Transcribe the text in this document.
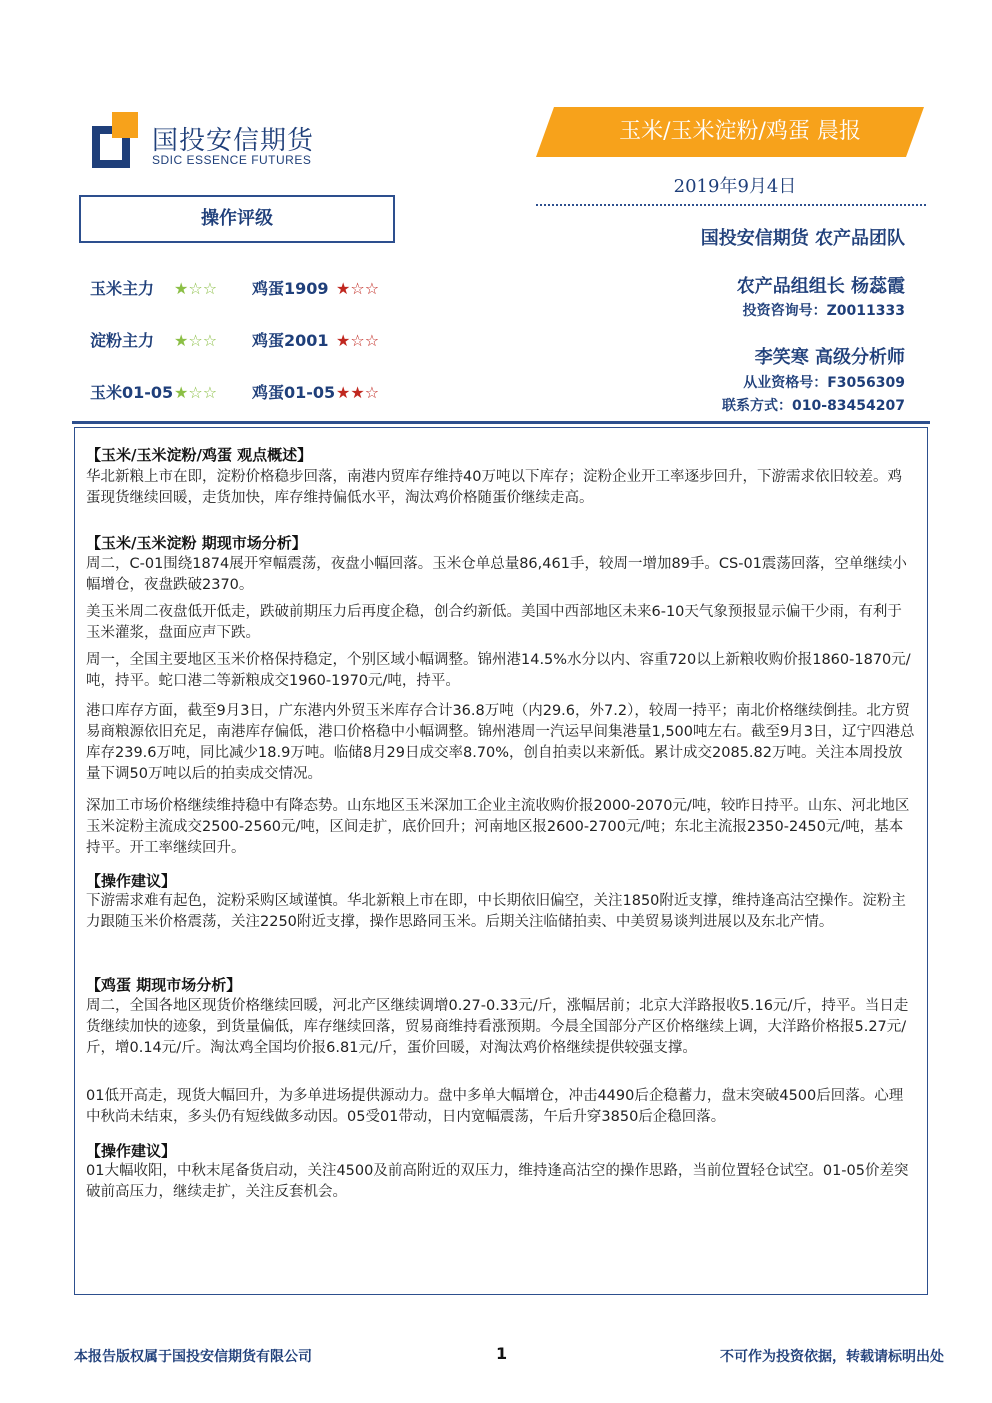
国投安信期货
SDIC ESSENCE FUTURES
玉米/玉米淀粉/鸡蛋 晨报
2019年9月4日
操作评级
玉米主力 ★☆☆ 鸡蛋1909 ★☆☆
淀粉主力 ★☆☆ 鸡蛋2001 ★☆☆
玉米01-05★☆☆ 鸡蛋01-05★★☆
国投安信期货 农产品团队
农产品组组长 杨蕊霞
投资咨询号：Z0011333
李笑寒 高级分析师
从业资格号：F3056309
联系方式：010-83454207
【玉米/玉米淀粉/鸡蛋 观点概述】
华北新粮上市在即，淀粉价格稳步回落，南港内贸库存维持40万吨以下库存；淀粉企业开工率逐步回升，下游需求依旧较差。鸡蛋现货继续回暖，走货加快，库存维持偏低水平，淘汰鸡价格随蛋价继续走高。
【玉米/玉米淀粉 期现市场分析】
周二，C-01围绕1874展开窄幅震荡，夜盘小幅回落。玉米仓单总量86,461手，较周一增加89手。CS-01震荡回落，空单继续小幅增仓，夜盘跌破2370。
美玉米周二夜盘低开低走，跌破前期压力后再度企稳，创合约新低。美国中西部地区未来6-10天气象预报显示偏干少雨，有利于玉米灌浆，盘面应声下跌。
周一，全国主要地区玉米价格保持稳定，个别区域小幅调整。锦州港14.5%水分以内、容重720以上新粮收购价报1860-1870元/吨，持平。蛇口港二等新粮成交1960-1970元/吨，持平。
港口库存方面，截至9月3日，广东港内外贸玉米库存合计36.8万吨（内29.6，外7.2），较周一持平；南北价格继续倒挂。北方贸易商粮源依旧充足，南港库存偏低，港口价格稳中小幅调整。锦州港周一汽运早间集港量1,500吨左右。截至9月3日，辽宁四港总库存239.6万吨，同比减少18.9万吨。临储8月29日成交率8.70%，创自拍卖以来新低。累计成交2085.82万吨。关注本周投放量下调50万吨以后的拍卖成交情况。
深加工市场价格继续维持稳中有降态势。山东地区玉米深加工企业主流收购价报2000-2070元/吨，较昨日持平。山东、河北地区玉米淀粉主流成交2500-2560元/吨，区间走扩，底价回升；河南地区报2600-2700元/吨；东北主流报2350-2450元/吨，基本持平。开工率继续回升。
【操作建议】
下游需求难有起色，淀粉采购区域谨慎。华北新粮上市在即，中长期依旧偏空，关注1850附近支撑，维持逢高沽空操作。淀粉主力跟随玉米价格震荡，关注2250附近支撑，操作思路同玉米。后期关注临储拍卖、中美贸易谈判进展以及东北产情。
【鸡蛋 期现市场分析】
周二，全国各地区现货价格继续回暖，河北产区继续调增0.27-0.33元/斤，涨幅居前；北京大洋路报收5.16元/斤，持平。当日走货继续加快的迹象，到货量偏低，库存继续回落，贸易商维持看涨预期。今晨全国部分产区价格继续上调，大洋路价格报5.27元/斤，增0.14元/斤。淘汰鸡全国均价报6.81元/斤，蛋价回暖，对淘汰鸡价格继续提供较强支撑。
01低开高走，现货大幅回升，为多单进场提供源动力。盘中多单大幅增仓，冲击4490后企稳蓄力，盘末突破4500后回落。心理中秋尚未结束，多头仍有短线做多动因。05受01带动，日内宽幅震荡，午后升穿3850后企稳回落。
【操作建议】
01大幅收阳，中秋末尾备货启动，关注4500及前高附近的双压力，维持逢高沽空的操作思路，当前位置轻仓试空。01-05价差突破前高压力，继续走扩，关注反套机会。
本报告版权属于国投安信期货有限公司	1	不可作为投资依据，转载请标明出处
